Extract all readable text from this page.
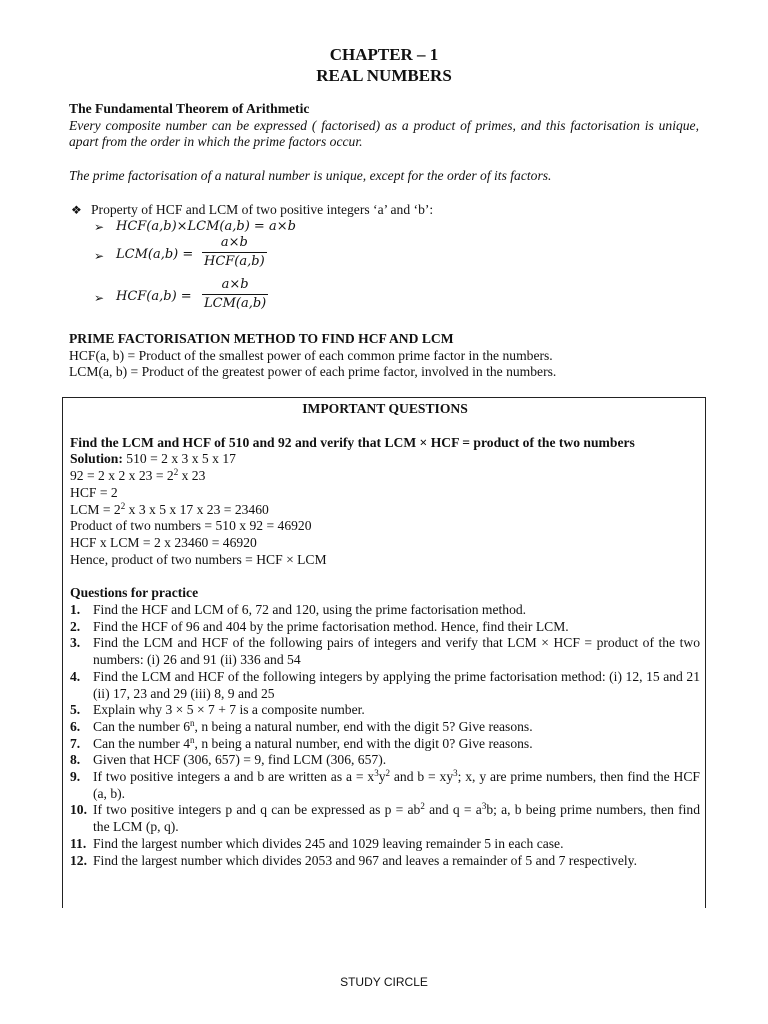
CHAPTER – 1
REAL NUMBERS
The Fundamental Theorem of Arithmetic
Every composite number can be expressed ( factorised) as a product of primes, and this factorisation is unique, apart from the order in which the prime factors occur.
The prime factorisation of a natural number is unique, except for the order of its factors.
❖ Property of HCF and LCM of two positive integers ‘a’ and ‘b’:
➢ HCF(a,b)×LCM(a,b) = a×b
➢ LCM(a,b) =
a×b
HCF(a,b)
➢ HCF(a,b) =
a×b
LCM(a,b)
PRIME FACTORISATION METHOD TO FIND HCF AND LCM
HCF(a, b) = Product of the smallest power of each common prime factor in the numbers.
LCM(a, b) = Product of the greatest power of each prime factor, involved in the numbers.
IMPORTANT QUESTIONS
Find the LCM and HCF of 510 and 92 and verify that LCM × HCF = product of the two numbers
Solution: 510 = 2 x 3 x 5 x 17
92 = 2 x 2 x $23 = 2^2$ x 23
HCF = 2
LCM = $2^2$ x 3 x 5 x 17 x 23 = 23460
Product of two numbers = 510 x 92 = 46920
HCF x LCM = 2 x 23460 = 46920
Hence, product of two numbers = HCF × LCM
Questions for practice
1. Find the HCF and LCM of 6, 72 and 120, using the prime factorisation method.
2. Find the HCF of 96 and 404 by the prime factorisation method. Hence, find their LCM.
3. Find the LCM and HCF of the following pairs of integers and verify that LCM × HCF = product of the two numbers: (i) 26 and 91 (ii) 336 and 54
4. Find the LCM and HCF of the following integers by applying the prime factorisation method: (i) 12, 15 and 21 (ii) 17, 23 and 29 (iii) 8, 9 and 25
5. Explain why 3 × 5 × 7 + 7 is a composite number.
6. Can the number 6$^n$, n being a natural number, end with the digit 5? Give reasons.
7. Can the number 4$^n$, n being a natural number, end with the digit 0? Give reasons.
8. Given that HCF (306, 657) = 9, find LCM (306, 657).
9. If two positive integers a and b are written as $a = x^3y^2$ and $b = xy^3$; x, y are prime numbers, then find the HCF (a, b).
10. If two positive integers p and q can be expressed as $p = ab^2$ and $q = a^3b$; a, b being prime numbers, then find the LCM (p, q).
11. Find the largest number which divides 245 and 1029 leaving remainder 5 in each case.
12. Find the largest number which divides 2053 and 967 and leaves a remainder of 5 and 7 respectively.
STUDY CIRCLE
